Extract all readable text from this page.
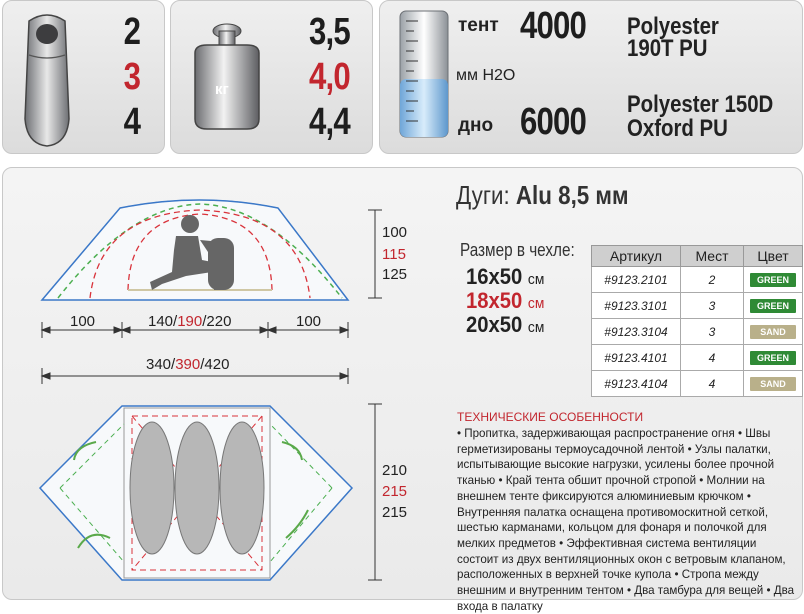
2
3
4
кг
3,5
4,0
4,4
тент 4000 Polyester
190T PU
мм H2O
дно 6000 Polyester 150D
Oxford PU
100
115
125
100	140/190/220	100
340/390/420
210
215
215
Дуги: Alu 8,5 мм
Размер в чехле:
16x50 см
18x50 см
20x50 см
Артикул	Мест	Цвет
#9123.2101	2	GREEN
#9123.3101	3	GREEN
#9123.3104	3	SAND
#9123.4101	4	GREEN
#9123.4104	4	SAND
ТЕХНИЧЕСКИЕ ОСОБЕННОСТИ
• Пропитка, задерживающая распространение огня • Швы герметизированы термоусадочной лентой • Узлы палатки, испытывающие высокие нагрузки, усилены более прочной тканью • Край тента обшит прочной стропой • Молнии на внешнем тенте фиксируются алюминиевым крючком • Внутренняя палатка оснащена противомоскитной сеткой, шестью карманами, кольцом для фонаря и полочкой для мелких предметов • Эффективная система вентиляции состоит из двух вентиляционных окон с ветровым клапаном, расположенных в верхней точке купола • Стропа между внешним и внутренним тентом • Два тамбура для вещей • Два входа в палатку
